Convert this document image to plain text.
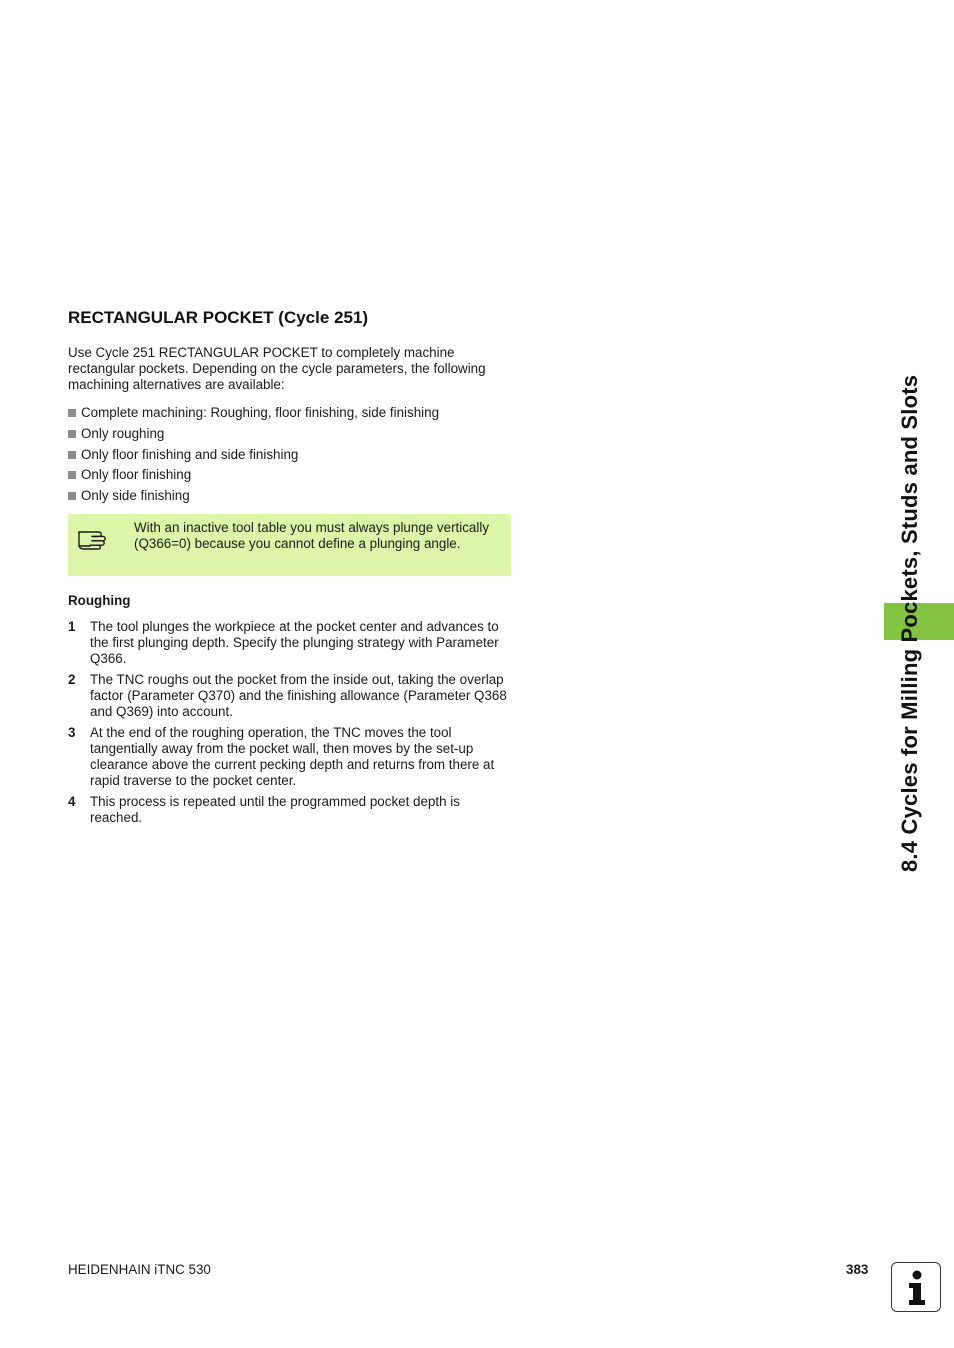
RECTANGULAR POCKET (Cycle 251)

Use Cycle 251 RECTANGULAR POCKET to completely machine rectangular pockets. Depending on the cycle parameters, the following machining alternatives are available:

Complete machining: Roughing, floor finishing, side finishing
Only roughing
Only floor finishing and side finishing
Only floor finishing
Only side finishing

With an inactive tool table you must always plunge vertically (Q366=0) because you cannot define a plunging angle.

Roughing
1	The tool plunges the workpiece at the pocket center and advances to the first plunging depth. Specify the plunging strategy with Parameter Q366.
2	The TNC roughs out the pocket from the inside out, taking the overlap factor (Parameter Q370) and the finishing allowance (Parameter Q368 and Q369) into account.
3	At the end of the roughing operation, the TNC moves the tool tangentially away from the pocket wall, then moves by the set-up clearance above the current pecking depth and returns from there at rapid traverse to the pocket center.
4	This process is repeated until the programmed pocket depth is reached.	8.4 Cycles for Milling Pockets, Studs and Slots

HEIDENHAIN iTNC 530	383
